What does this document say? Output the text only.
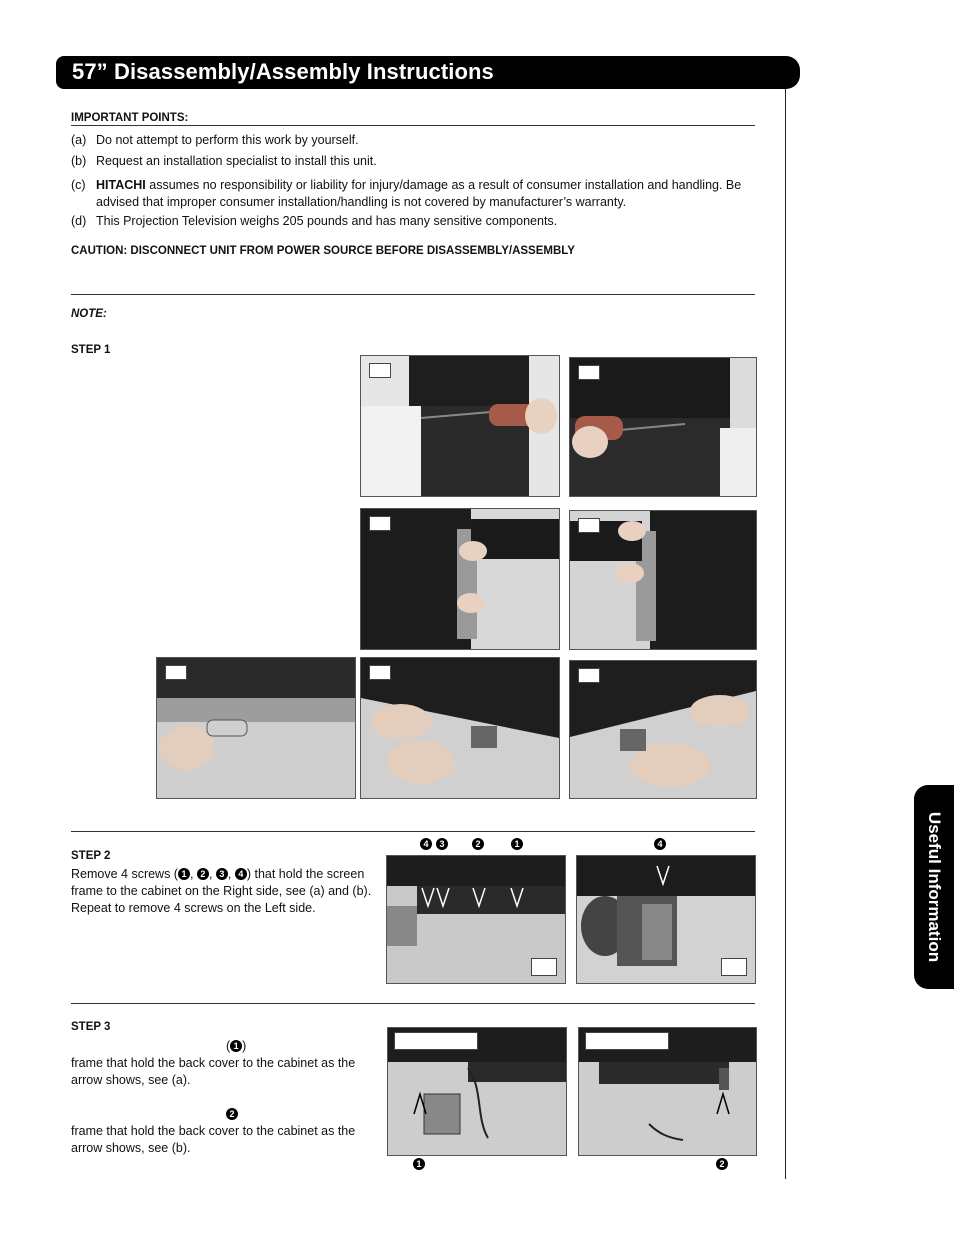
57” Disassembly/Assembly Instructions
Useful Information
IMPORTANT POINTS:
(a) Do not attempt to perform this work by yourself.
(b) Request an installation specialist to install this unit.
(c) HITACHI assumes no responsibility or liability for injury/damage as a result of consumer installation and handling. Be advised that improper consumer installation/handling is not covered by manufacturer’s warranty.
(d) This Projection Television weighs 205 pounds and has many sensitive components.
CAUTION: DISCONNECT UNIT FROM POWER SOURCE BEFORE DISASSEMBLY/ASSEMBLY
NOTE:
STEP 1
STEP 2
Remove 4 screws ( 1 , 2 , 3 , 4 ) that hold the screen frame to the cabinet on the Right side, see (a) and (b). Repeat to remove 4 screws on the Left side.
4	3	2	1	4
STEP 3
( 1 )
frame that hold the back cover to the cabinet as the arrow shows, see (a).
2
frame that hold the back cover to the cabinet as the arrow shows, see (b).
1	2
